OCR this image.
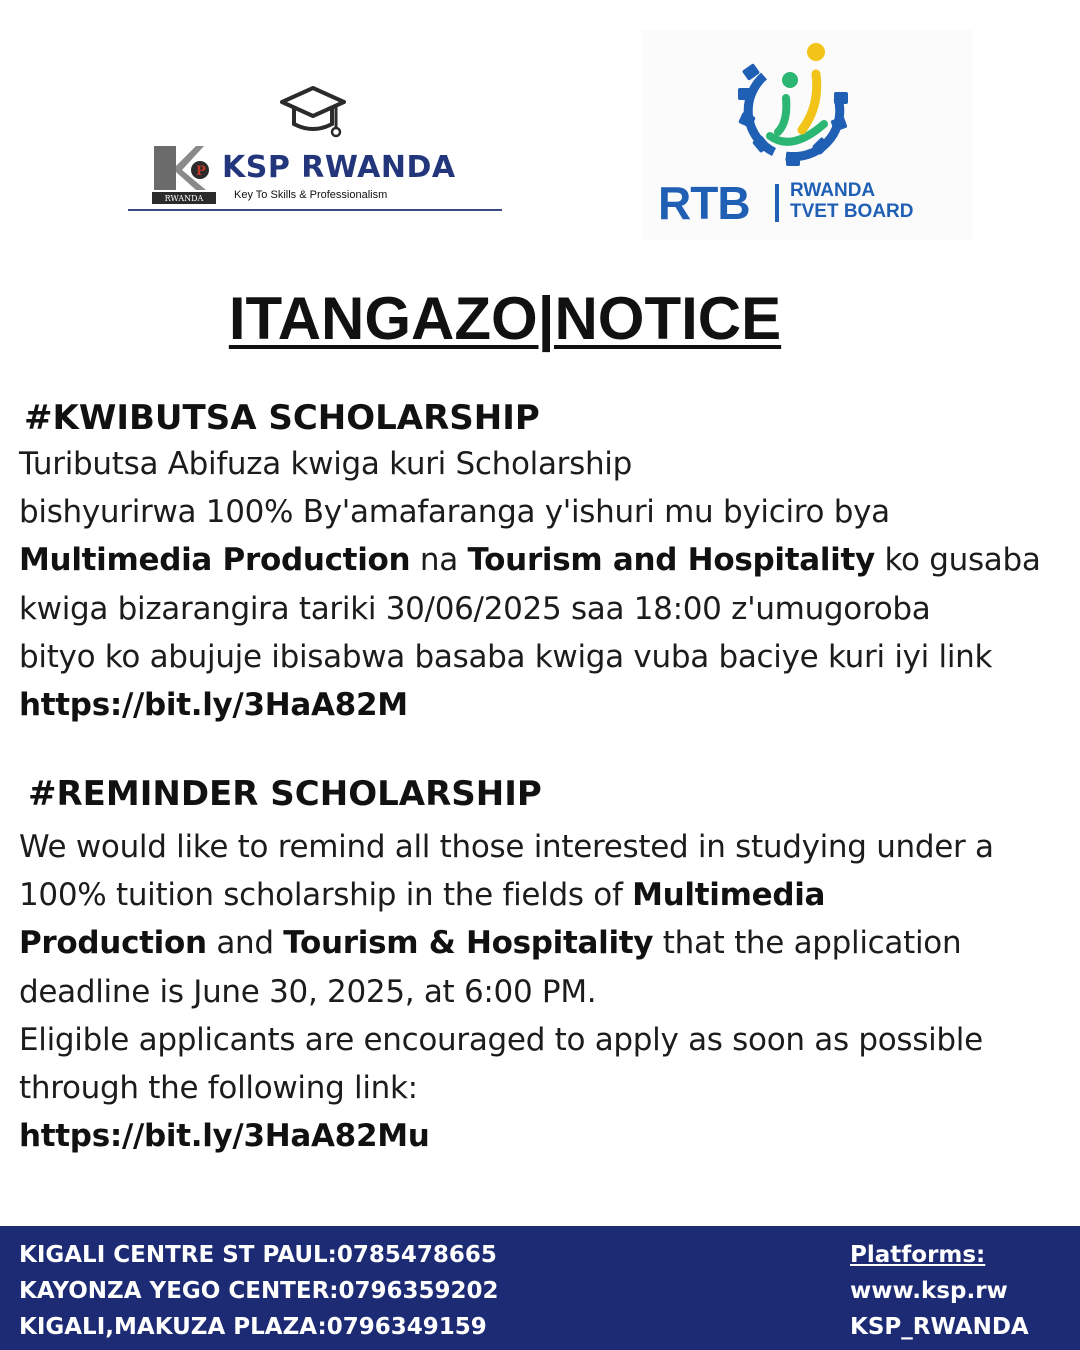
P
RWANDA
KSP RWANDA
Key To Skills & Professionalism	RTB RWANDA
TVET BOARD
ITANGAZO|NOTICE
#KWIBUTSA SCHOLARSHIP
Tuributsa Abifuza kwiga kuri Scholarship
bishyurirwa 100% By'amafaranga y'ishuri mu byiciro bya
Multimedia Production na Tourism and Hospitality ko gusaba
kwiga bizarangira tariki 30/06/2025 saa 18:00 z'umugoroba
bityo ko abujuje ibisabwa basaba kwiga vuba baciye kuri iyi link
https://bit.ly/3HaA82M
#REMINDER SCHOLARSHIP
We would like to remind all those interested in studying under a
100% tuition scholarship in the fields of Multimedia
Production and Tourism & Hospitality that the application
deadline is June 30, 2025, at 6:00 PM.
Eligible applicants are encouraged to apply as soon as possible
through the following link:
https://bit.ly/3HaA82Mu
KIGALI CENTRE ST PAUL:0785478665
KAYONZA YEGO CENTER:0796359202
KIGALI,MAKUZA PLAZA:0796349159
Platforms:
www.ksp.rw
KSP_RWANDA
